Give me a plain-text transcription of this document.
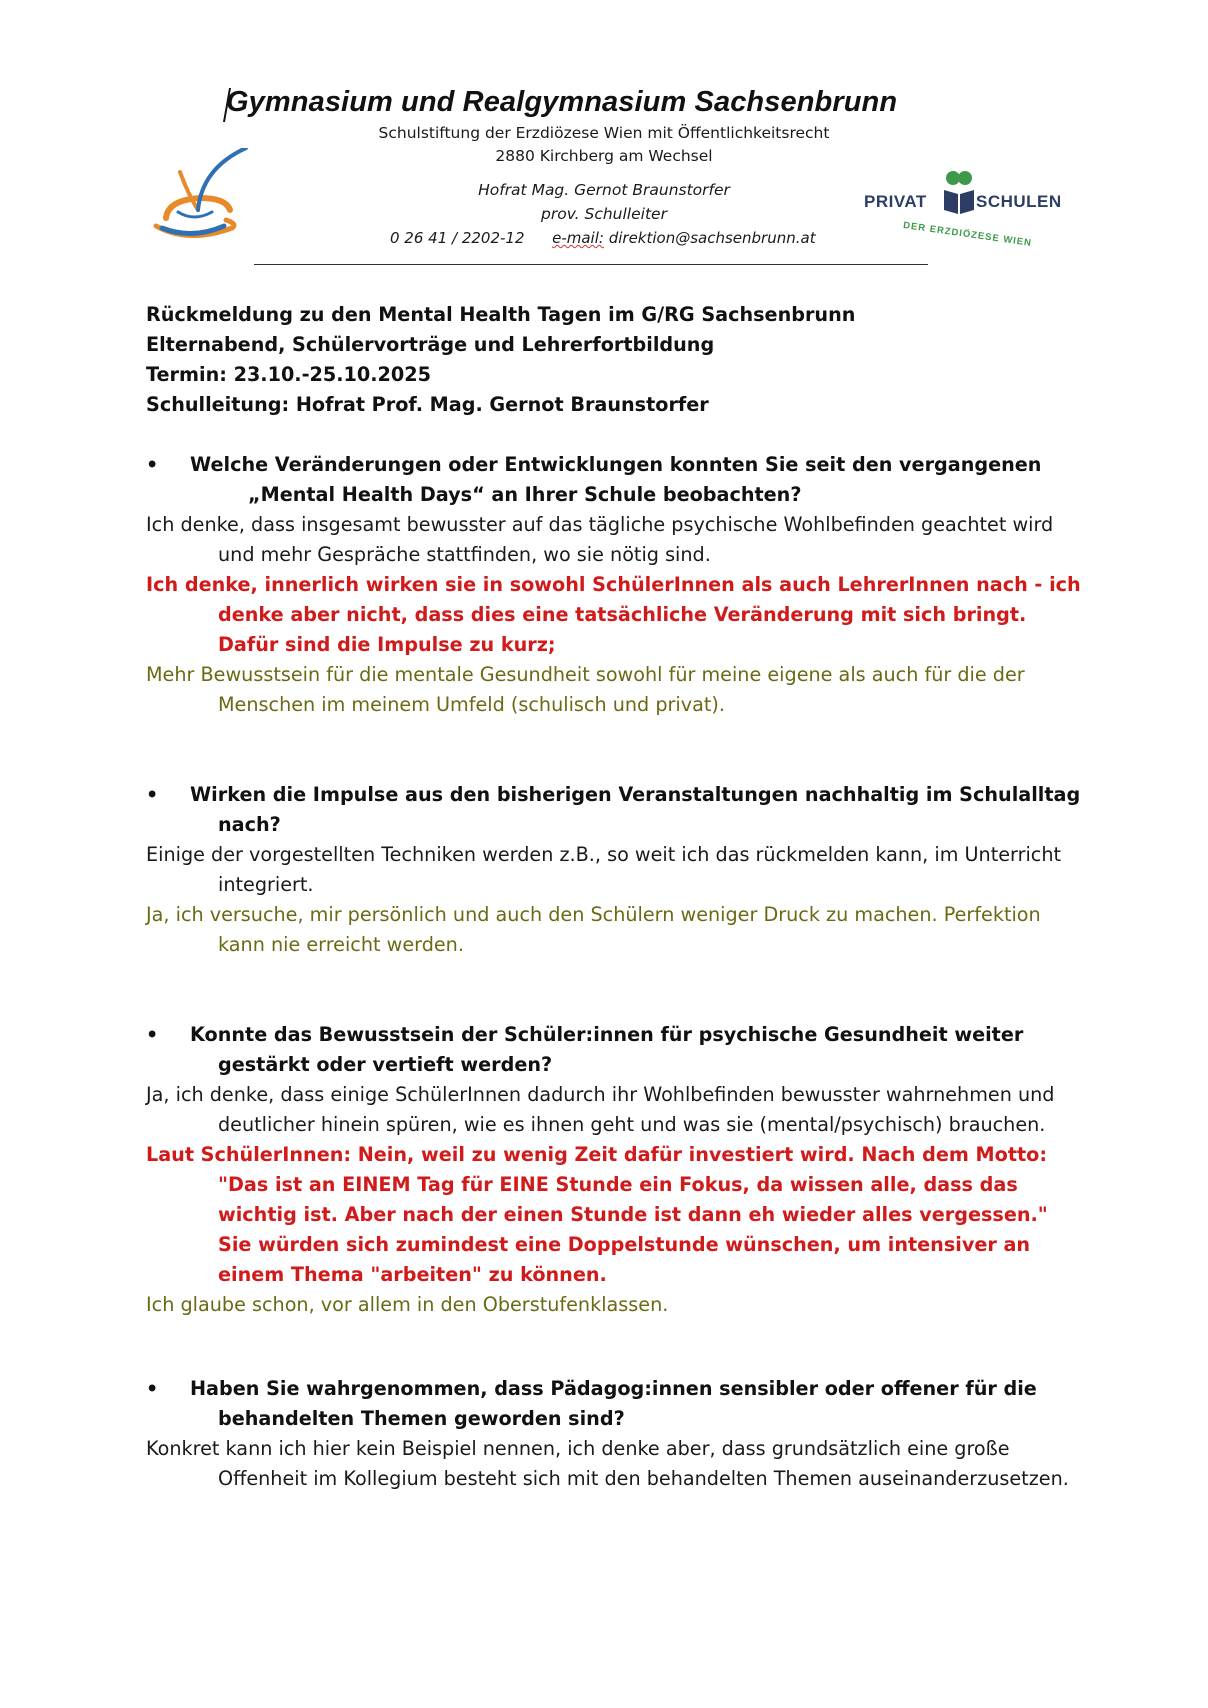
Gymnasium und Realgymnasium Sachsenbrunn
Schulstiftung der Erzdiözese Wien mit Öffentlichkeitsrecht
2880 Kirchberg am Wechsel
Hofrat Mag. Gernot Braunstorfer
prov. Schulleiter
0 26 41 / 2202-12 e-mail: direktion@sachsenbrunn.at
PRIVAT	SCHULEN
DER ERZDIÖZESE WIEN
Rückmeldung zu den Mental Health Tagen im G/RG Sachsenbrunn
Elternabend, Schülervorträge und Lehrerfortbildung
Termin: 23.10.-25.10.2025
Schulleitung: Hofrat Prof. Mag. Gernot Braunstorfer
•	Welche Veränderungen oder Entwicklungen konnten Sie seit den vergangenen
„Mental Health Days“ an Ihrer Schule beobachten?
Ich denke, dass insgesamt bewusster auf das tägliche psychische Wohlbefinden geachtet wird und mehr Gespräche stattfinden, wo sie nötig sind.
Ich denke, innerlich wirken sie in sowohl SchülerInnen als auch LehrerInnen nach - ich denke aber nicht, dass dies eine tatsächliche Veränderung mit sich bringt. Dafür sind die Impulse zu kurz;
Mehr Bewusstsein für die mentale Gesundheit sowohl für meine eigene als auch für die der Menschen im meinem Umfeld (schulisch und privat).
•	Wirken die Impulse aus den bisherigen Veranstaltungen nachhaltig im Schulalltag nach?
Einige der vorgestellten Techniken werden z.B., so weit ich das rückmelden kann, im Unterricht integriert.
Ja, ich versuche, mir persönlich und auch den Schülern weniger Druck zu machen. Perfektion kann nie erreicht werden.
•	Konnte das Bewusstsein der Schüler:innen für psychische Gesundheit weiter gestärkt oder vertieft werden?
Ja, ich denke, dass einige SchülerInnen dadurch ihr Wohlbefinden bewusster wahrnehmen und deutlicher hinein spüren, wie es ihnen geht und was sie (mental/psychisch) brauchen.
Laut SchülerInnen: Nein, weil zu wenig Zeit dafür investiert wird. Nach dem Motto: "Das ist an EINEM Tag für EINE Stunde ein Fokus, da wissen alle, dass das wichtig ist. Aber nach der einen Stunde ist dann eh wieder alles vergessen." Sie würden sich zumindest eine Doppelstunde wünschen, um intensiver an einem Thema "arbeiten" zu können.
Ich glaube schon, vor allem in den Oberstufenklassen.
•	Haben Sie wahrgenommen, dass Pädagog:innen sensibler oder offener für die behandelten Themen geworden sind?
Konkret kann ich hier kein Beispiel nennen, ich denke aber, dass grundsätzlich eine große Offenheit im Kollegium besteht sich mit den behandelten Themen auseinanderzusetzen.
